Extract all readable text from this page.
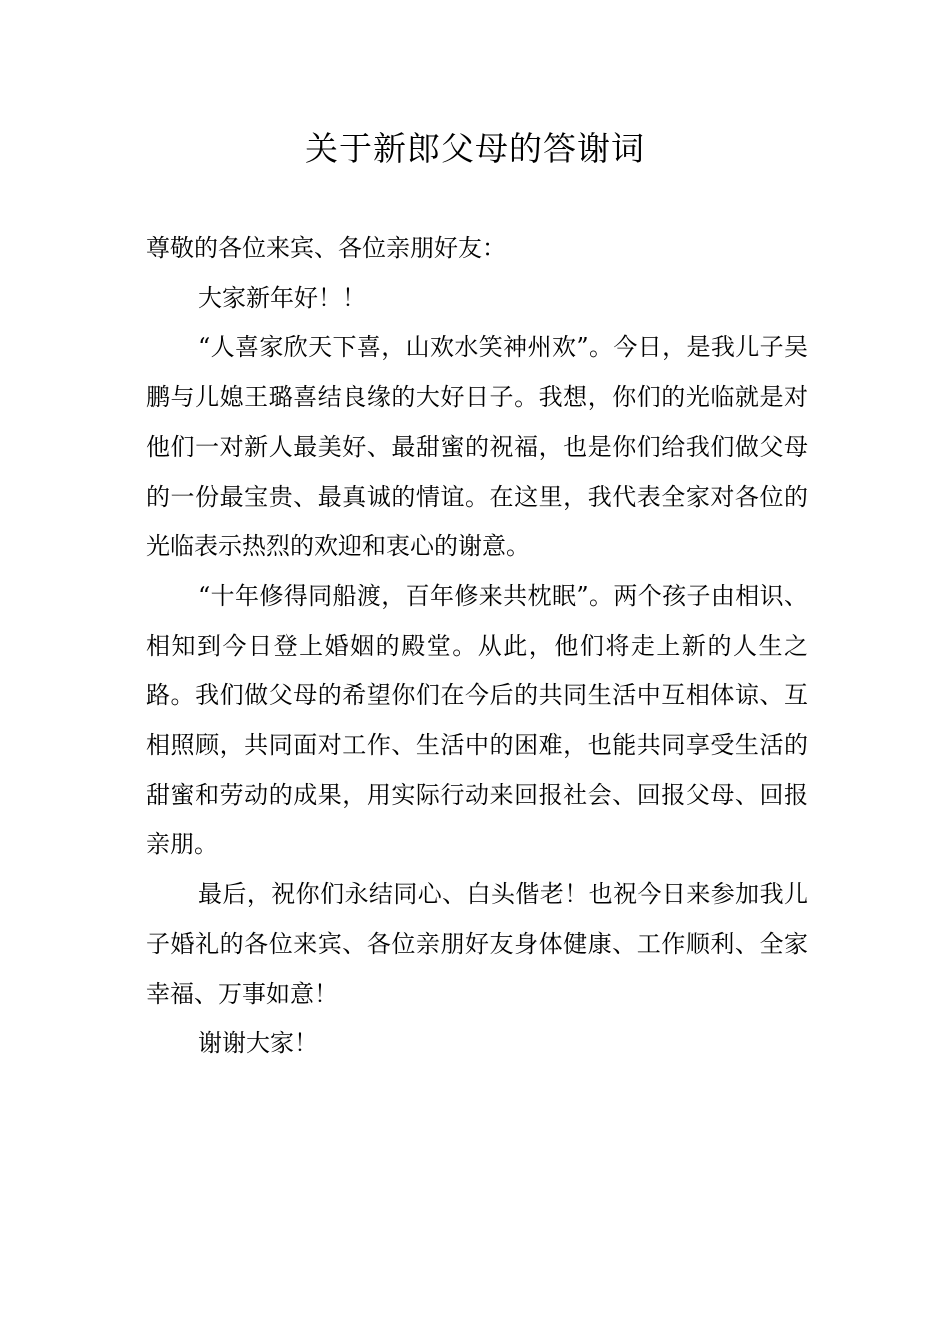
关于新郎父母的答谢词

尊敬的各位来宾、各位亲朋好友：

大家新年好！！

“人喜家欣天下喜，山欢水笑神州欢”。今日，是我儿子吴鹏与儿媳王璐喜结良缘的大好日子。我想，你们的光临就是对他们一对新人最美好、最甜蜜的祝福，也是你们给我们做父母的一份最宝贵、最真诚的情谊。在这里，我代表全家对各位的光临表示热烈的欢迎和衷心的谢意。

“十年修得同船渡，百年修来共枕眠”。两个孩子由相识、相知到今日登上婚姻的殿堂。从此，他们将走上新的人生之路。我们做父母的希望你们在今后的共同生活中互相体谅、互相照顾，共同面对工作、生活中的困难，也能共同享受生活的甜蜜和劳动的成果，用实际行动来回报社会、回报父母、回报亲朋。

最后，祝你们永结同心、白头偕老！也祝今日来参加我儿子婚礼的各位来宾、各位亲朋好友身体健康、工作顺利、全家幸福、万事如意！

谢谢大家！
